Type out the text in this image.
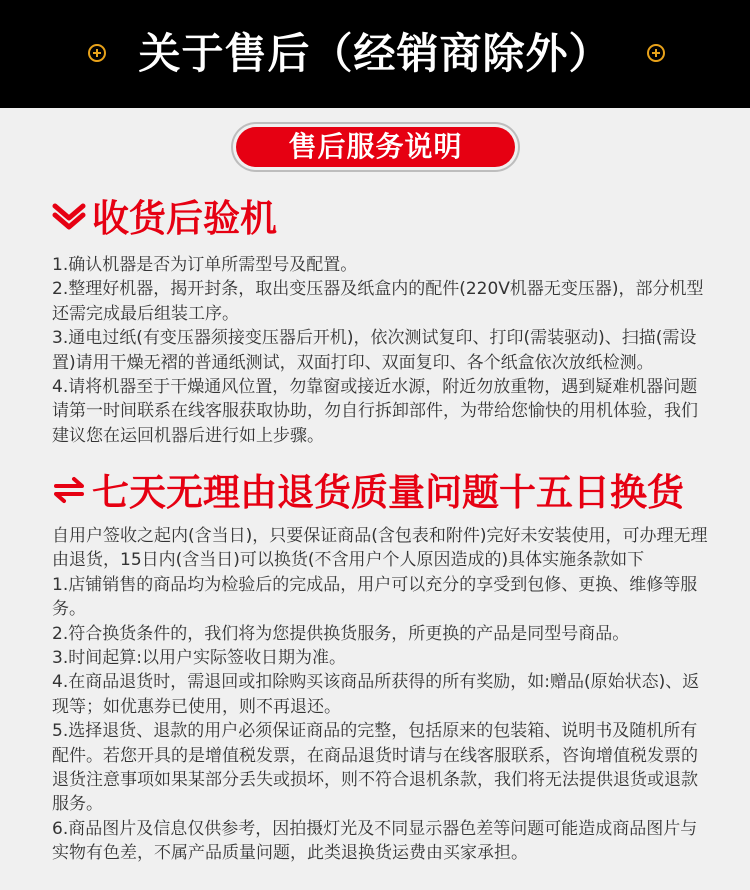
关于售后（经销商除外）
售后服务说明
收货后验机

1.确认机器是否为订单所需型号及配置。

2.整理好机器，揭开封条，取出变压器及纸盒内的配件(220V机器无变压器)，部分机型还需完成最后组装工序。

3.通电过纸(有变压器须接变压器后开机)，依次测试复印、打印(需装驱动)、扫描(需设置)请用干燥无褶的普通纸测试，双面打印、双面复印、各个纸盒依次放纸检测。

4.请将机器至于干燥通风位置，勿靠窗或接近水源，附近勿放重物，遇到疑难机器问题请第一时间联系在线客服获取协助，勿自行拆卸部件，为带给您愉快的用机体验，我们建议您在运回机器后进行如上步骤。

七天无理由退货质量问题十五日换货

自用户签收之起内(含当日)，只要保证商品(含包表和附件)完好未安装使用，可办理无理由退货，15日内(含当日)可以换货(不含用户个人原因造成的)具体实施条款如下

1.店铺销售的商品均为检验后的完成品，用户可以充分的享受到包修、更换、维修等服务。

2.符合换货条件的，我们将为您提供换货服务，所更换的产品是同型号商品。

3.时间起算:以用户实际签收日期为准。

4.在商品退货时，需退回或扣除购买该商品所获得的所有奖励，如:赠品(原始状态)、返现等；如优惠券已使用，则不再退还。

5.选择退货、退款的用户必须保证商品的完整，包括原来的包装箱、说明书及随机所有配件。若您开具的是增值税发票，在商品退货时请与在线客服联系，咨询增值税发票的退货注意事项如果某部分丢失或损坏，则不符合退机条款，我们将无法提供退货或退款服务。

6.商品图片及信息仅供参考，因拍摄灯光及不同显示器色差等问题可能造成商品图片与实物有色差，不属产品质量问题，此类退换货运费由买家承担。
